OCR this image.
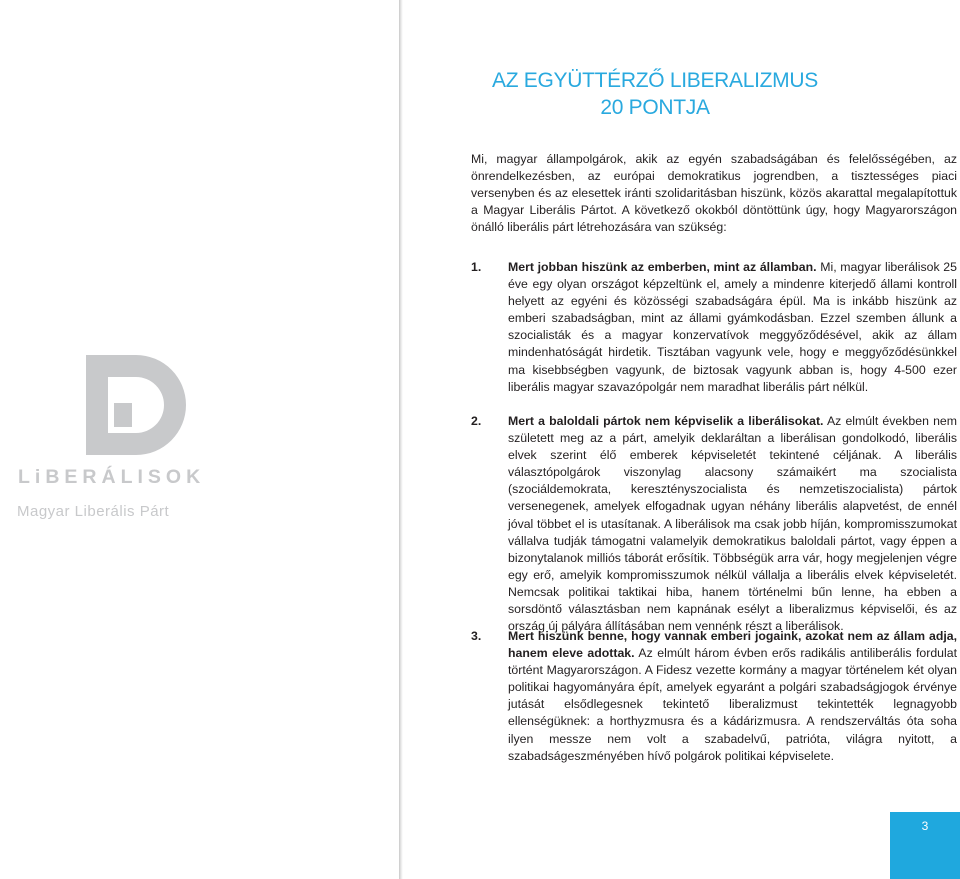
LiBERÁLISOK
Magyar Liberális Párt
AZ EGYÜTTÉRZŐ LIBERALIZMUS
20 PONTJA
Mi, magyar állampolgárok, akik az egyén szabadságában és felelősségében, az önrendelkezésben, az európai demokratikus jogrendben, a tisztességes piaci versenyben és az elesettek iránti szolidaritásban hiszünk, közös akarattal megalapítottuk a Magyar Liberális Pártot. A következő okokból döntöttünk úgy, hogy Magyarországon önálló liberális párt létrehozására van szükség:
1. Mert jobban hiszünk az emberben, mint az államban. Mi, magyar liberálisok 25 éve egy olyan országot képzeltünk el, amely a mindenre kiterjedő állami kontroll helyett az egyéni és közösségi szabadságára épül. Ma is inkább hiszünk az emberi szabadságban, mint az állami gyámkodásban. Ezzel szemben állunk a szocialisták és a magyar konzervatívok meggyőződésével, akik az állam mindenhatóságát hirdetik. Tisztában vagyunk vele, hogy e meggyőződésünkkel ma kisebbségben vagyunk, de biztosak vagyunk abban is, hogy 4-500 ezer liberális magyar szavazópolgár nem maradhat liberális párt nélkül.
2. Mert a baloldali pártok nem képviselik a liberálisokat. Az elmúlt években nem született meg az a párt, amelyik deklaráltan a liberálisan gondolkodó, liberális elvek szerint élő emberek képviseletét tekintené céljának. A liberális választópolgárok viszonylag alacsony számaikért ma szocialista (szociáldemokrata, keresztényszocialista és nemzetiszocialista) pártok versenegenek, amelyek elfogadnak ugyan néhány liberális alapvetést, de ennél jóval többet el is utasítanak. A liberálisok ma csak jobb híján, kompromisszumokat vállalva tudják támogatni valamelyik demokratikus baloldali pártot, vagy éppen a bizonytalanok milliós táborát erősítik. Többségük arra vár, hogy megjelenjen végre egy erő, amelyik kompromisszumok nélkül vállalja a liberális elvek képviseletét. Nemcsak politikai taktikai hiba, hanem történelmi bűn lenne, ha ebben a sorsdöntő választásban nem kapnának esélyt a liberalizmus képviselői, és az ország új pályára állításában nem vennénk részt a liberálisok.
3. Mert hiszünk benne, hogy vannak emberi jogaink, azokat nem az állam adja, hanem eleve adottak. Az elmúlt három évben erős radikális antiliberális fordulat történt Magyarországon. A Fidesz vezette kormány a magyar történelem két olyan politikai hagyományára épít, amelyek egyaránt a polgári szabadságjogok érvénye jutását elsődlegesnek tekintető liberalizmust tekintették legnagyobb ellenségüknek: a horthyzmusra és a kádárizmusra. A rendszerváltás óta soha ilyen messze nem volt a szabadelvű, patrióta, világra nyitott, a szabadságeszményében hívő polgárok politikai képviselete.
3
